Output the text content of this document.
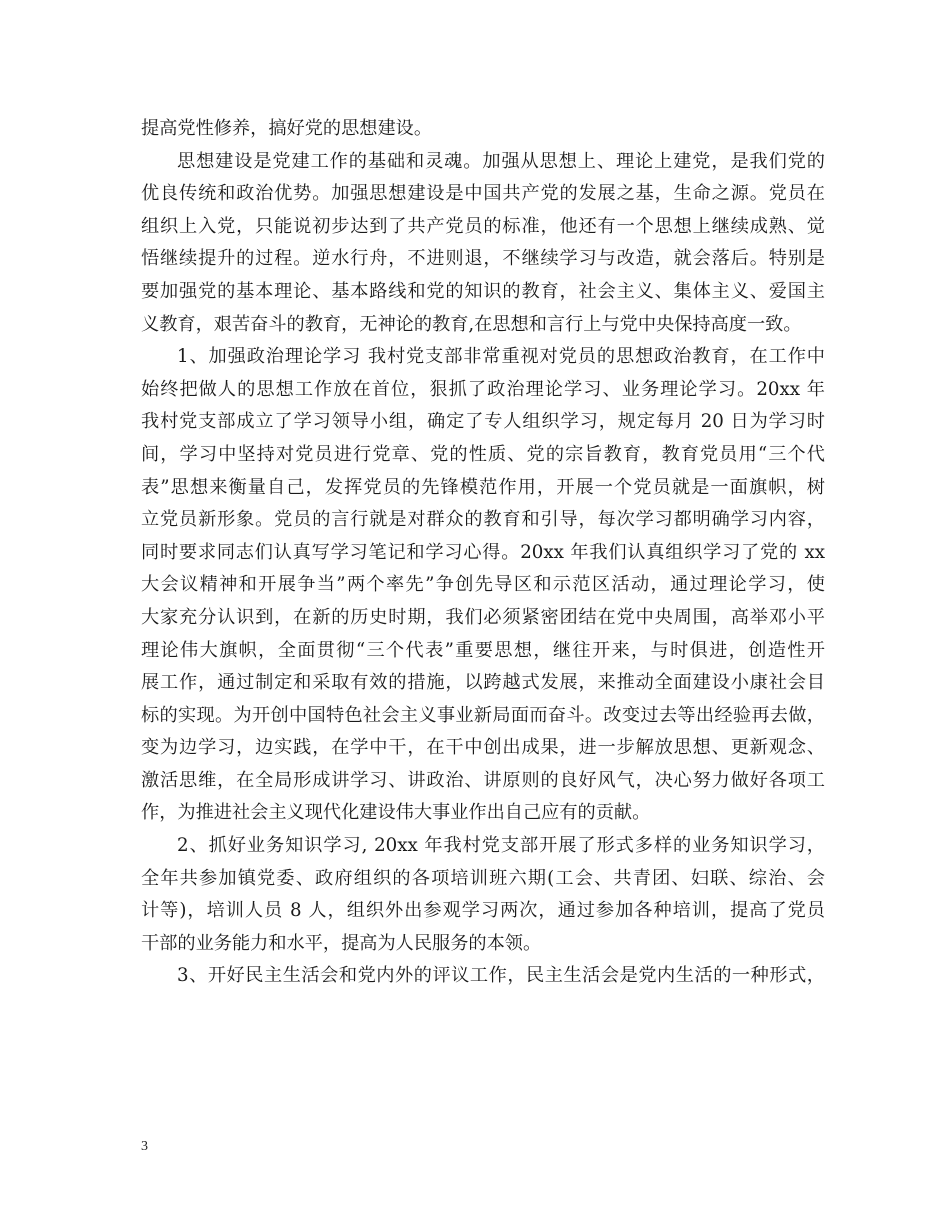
提高党性修养，搞好党的思想建设。
思想建设是党建工作的基础和灵魂。加强从思想上、理论上建党，是我们党的
优良传统和政治优势。加强思想建设是中国共产党的发展之基，生命之源。党员在
组织上入党，只能说初步达到了共产党员的标准，他还有一个思想上继续成熟、觉
悟继续提升的过程。逆水行舟，不进则退，不继续学习与改造，就会落后。特别是
要加强党的基本理论、基本路线和党的知识的教育，社会主义、集体主义、爱国主
义教育，艰苦奋斗的教育，无神论的教育,在思想和言行上与党中央保持高度一致。
1、加强政治理论学习 我村党支部非常重视对党员的思想政治教育，在工作中
始终把做人的思想工作放在首位，狠抓了政治理论学习、业务理论学习。20xx 年
我村党支部成立了学习领导小组，确定了专人组织学习，规定每月 20 日为学习时
间，学习中坚持对党员进行党章、党的性质、党的宗旨教育，教育党员用“三个代
表”思想来衡量自己，发挥党员的先锋模范作用，开展一个党员就是一面旗帜，树
立党员新形象。党员的言行就是对群众的教育和引导，每次学习都明确学习内容，
同时要求同志们认真写学习笔记和学习心得。20xx 年我们认真组织学习了党的 xx
大会议精神和开展争当”两个率先”争创先导区和示范区活动，通过理论学习，使
大家充分认识到，在新的历史时期，我们必须紧密团结在党中央周围，高举邓小平
理论伟大旗帜，全面贯彻“三个代表”重要思想，继往开来，与时俱进，创造性开
展工作，通过制定和采取有效的措施，以跨越式发展，来推动全面建设小康社会目
标的实现。为开创中国特色社会主义事业新局面而奋斗。改变过去等出经验再去做，
变为边学习，边实践，在学中干，在干中创出成果，进一步解放思想、更新观念、
激活思维，在全局形成讲学习、讲政治、讲原则的良好风气，决心努力做好各项工
作，为推进社会主义现代化建设伟大事业作出自己应有的贡献。
2、抓好业务知识学习, 20xx 年我村党支部开展了形式多样的业务知识学习，
全年共参加镇党委、政府组织的各项培训班六期(工会、共青团、妇联、综治、会
计等)，培训人员 8 人，组织外出参观学习两次，通过参加各种培训，提高了党员
干部的业务能力和水平，提高为人民服务的本领。
3、开好民主生活会和党内外的评议工作，民主生活会是党内生活的一种形式，
3
